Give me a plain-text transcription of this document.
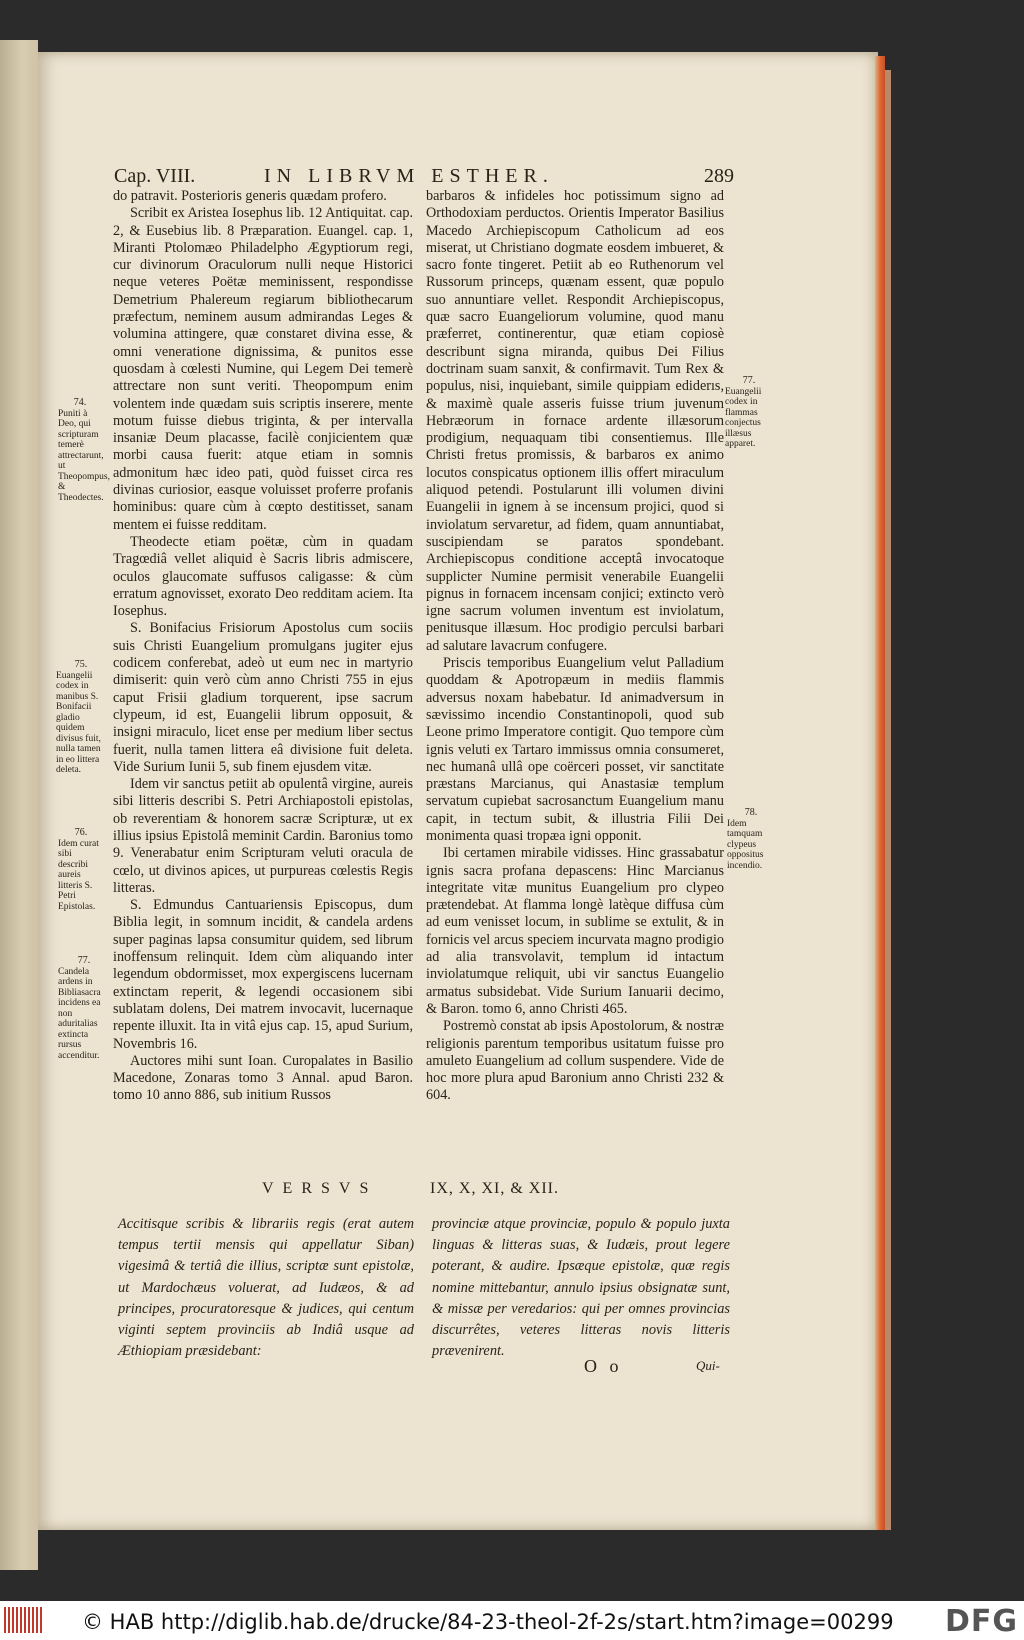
Cap. VIII.	IN LIBRVM ESTHER.	289

do patravit. Posterioris generis quædam profero.

Scribit ex Aristea Iosephus lib. 12 Antiquitat. cap. 2, & Eusebius lib. 8 Præparation. Euangel. cap. 1, Miranti Ptolomæo Philadelpho Ægyptiorum regi, cur divinorum Oraculorum nulli neque Historici neque veteres Poëtæ meminissent, respondisse Demetrium Phalereum regiarum bibliothecarum præfectum, neminem ausum admirandas Leges & volumina attingere, quæ constaret divina esse, & omni veneratione dignissima, & punitos esse quosdam à cœlesti Numine, qui Legem Dei temerè attrectare non sunt veriti. Theopompum enim volentem inde quædam suis scriptis inserere, mente motum fuisse diebus triginta, & per intervalla insaniæ Deum placasse, facilè conjicientem quæ morbi causa fuerit: atque etiam in somnis admonitum hæc ideo pati, quòd fuisset circa res divinas curiosior, easque voluisset proferre profanis hominibus: quare cùm à cœpto destitisset, sanam mentem ei fuisse redditam.

Theodecte etiam poëtæ, cùm in quadam Tragœdiâ vellet aliquid è Sacris libris admiscere, oculos glaucomate suffusos caligasse: & cùm erratum agnovisset, exorato Deo redditam aciem. Ita Iosephus.

S. Bonifacius Frisiorum Apostolus cum sociis suis Christi Euangelium promulgans jugiter ejus codicem conferebat, adeò ut eum nec in martyrio dimiserit: quin verò cùm anno Christi 755 in ejus caput Frisii gladium torquerent, ipse sacrum clypeum, id est, Euangelii librum opposuit, & insigni miraculo, licet ense per medium liber sectus fuerit, nulla tamen littera eâ divisione fuit deleta. Vide Surium Iunii 5, sub finem ejusdem vitæ.

Idem vir sanctus petiit ab opulentâ virgine, aureis sibi litteris describi S. Petri Archiapostoli epistolas, ob reverentiam & honorem sacræ Scripturæ, ut ex illius ipsius Epistolâ meminit Cardin. Baronius tomo 9. Venerabatur enim Scripturam veluti oracula de cœlo, ut divinos apices, ut purpureas cœlestis Regis litteras.

S. Edmundus Cantuariensis Episcopus, dum Biblia legit, in somnum incidit, & candela ardens super paginas lapsa consumitur quidem, sed librum inoffensum relinquit. Idem cùm aliquando inter legendum obdormisset, mox expergiscens lucernam extinctam reperit, & legendi occasionem sibi sublatam dolens, Dei matrem invocavit, lucernaque repente illuxit. Ita in vitâ ejus cap. 15, apud Surium, Novembris 16.

Auctores mihi sunt Ioan. Curopalates in Basilio Macedone, Zonaras tomo 3 Annal. apud Baron. tomo 10 anno 886, sub initium Russos

barbaros & infideles hoc potissimum signo ad Orthodoxiam perductos. Orientis Imperator Basilius Macedo Archiepiscopum Catholicum ad eos miserat, ut Christiano dogmate eosdem imbueret, & sacro fonte tingeret. Petiit ab eo Ruthenorum vel Russorum princeps, quænam essent, quæ populo suo annuntiare vellet. Respondit Archiepiscopus, quæ sacro Euangeliorum volumine, quod manu præferret, continerentur, quæ etiam copiosè describunt signa miranda, quibus Dei Filius doctrinam suam sanxit, & confirmavit. Tum Rex & populus, nisi, inquiebant, simile quippiam ediderıs, & maximè quale asseris fuisse trium juvenum Hebræorum in fornace ardente illæsorum prodigium, nequaquam tibi consentiemus. Ille Christi fretus promissis, & barbaros ex animo locutos conspicatus optionem illis offert miraculum aliquod petendi. Postularunt illi volumen divini Euangelii in ignem à se incensum projici, quod si inviolatum servaretur, ad fidem, quam annuntiabat, suscipiendam se paratos spondebant. Archiepiscopus conditione acceptâ invocatoque supplicter Numine permisit venerabile Euangelii pignus in fornacem incensam conjici; extincto verò igne sacrum volumen inventum est inviolatum, penitusque illæsum. Hoc prodigio perculsi barbari ad salutare lavacrum confugere.

Priscis temporibus Euangelium velut Palladium quoddam & Apotropæum in mediis flammis adversus noxam habebatur. Id animadversum in sævissimo incendio Constantinopoli, quod sub Leone primo Imperatore contigit. Quo tempore cùm ignis veluti ex Tartaro immissus omnia consumeret, nec humanâ ullâ ope coërceri posset, vir sanctitate præstans Marcianus, qui Anastasiæ templum servatum cupiebat sacrosanctum Euangelium manu capit, in tectum subit, & illustria Filii Dei monimenta quasi tropæa igni opponit.

Ibi certamen mirabile vidisses. Hinc grassabatur ignis sacra profana depascens: Hinc Marcianus integritate vitæ munitus Euangelium pro clypeo prætendebat. At flamma longè latèque diffusa cùm ad eum venisset locum, in sublime se extulit, & in fornicis vel arcus speciem incurvata magno prodigio ad alia transvolavit, templum id intactum inviolatumque reliquit, ubi vir sanctus Euangelio armatus subsidebat. Vide Surium Ianuarii decimo, & Baron. tomo 6, anno Christi 465.

Postremò constat ab ipsis Apostolorum, & nostræ religionis parentum temporibus usitatum fuisse pro amuleto Euangelium ad collum suspendere. Vide de hoc more plura apud Baronium anno Christi 232 & 604.

74.
Puniti à Deo, qui scripturam temerè attrectarunt, ut Theopompus, & Theodectes.
75.
Euangelii codex in manibus S. Bonifacii gladio quidem divisus fuit, nulla tamen in eo littera deleta.
76.
Idem curat sibi describi aureis litteris S. Petri Epistolas.
77.
Candela ardens in Bibliasacra incidens ea non aduritalias extincta rursus accenditur.
77.
Euangelii codex in flammas conjectus illæsus apparet.
78.
Idem tamquam clypeus oppositus incendio.
VERSVS	IX, X, XI, & XII.

Accitisque scribis & librariis regis (erat autem tempus tertii mensis qui appellatur Siban) vigesimâ & tertiâ die illius, scriptæ sunt epistolæ, ut Mardochæus voluerat, ad Iudæos, & ad principes, procuratoresque & judices, qui centum viginti septem provinciis ab Indiâ usque ad Æthiopiam præsidebant:

provinciæ atque provinciæ, populo & populo juxta linguas & litteras suas, & Iudæis, prout legere poterant, & audire. Ipsæque epistolæ, quæ regis nomine mittebantur, annulo ipsius obsignatæ sunt, & missæ per veredarios: qui per omnes provincias discurrêtes, veteres litteras novis litteris prævenirent.

O o	Qui-
© HAB http://diglib.hab.de/drucke/84-23-theol-2f-2s/start.htm?image=00299 DFG
